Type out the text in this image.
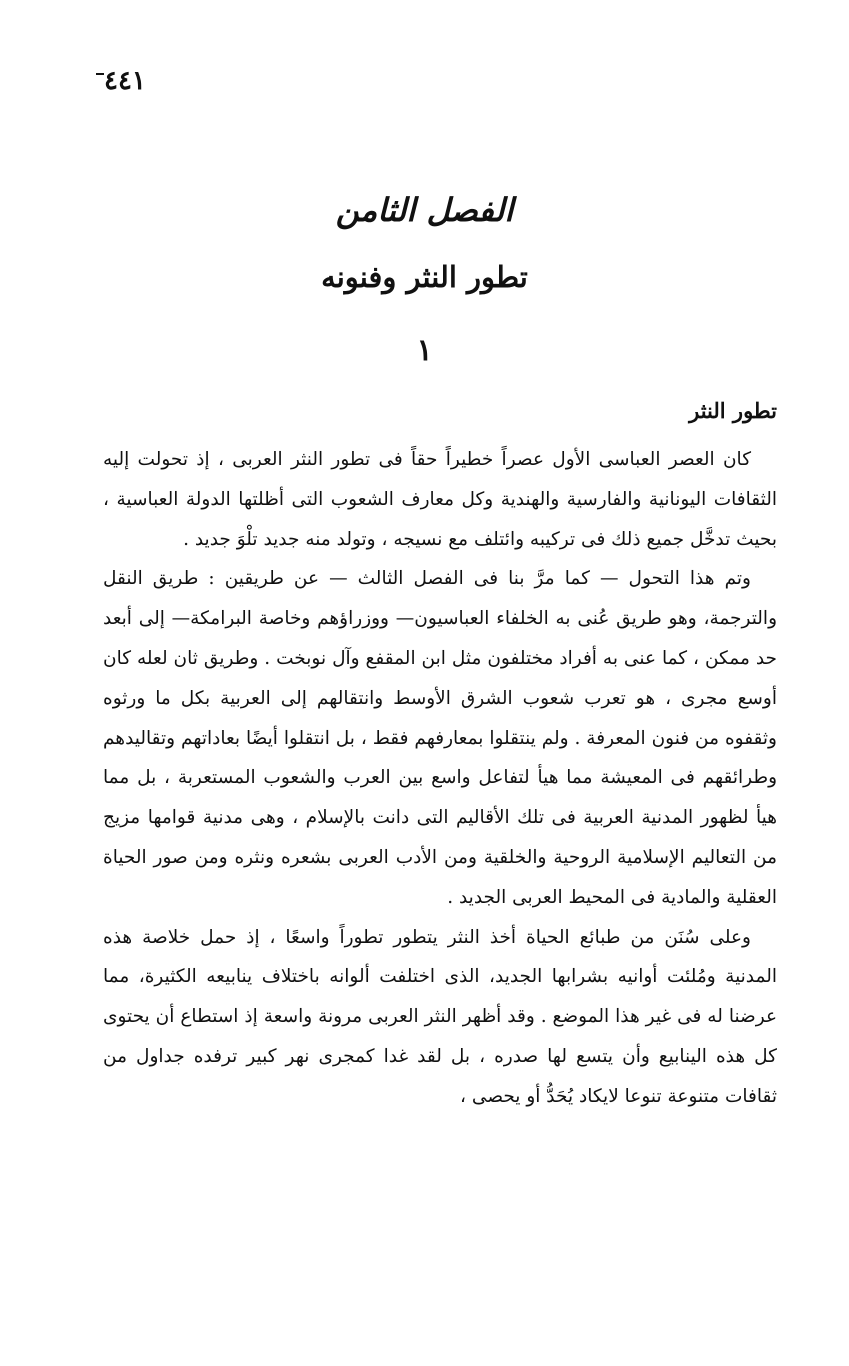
٤٤١
الفصل الثامن
تطور النثر وفنونه
١
تطور النثر

كان العصر العباسى الأول عصراً خطيراً حقاً فى تطور النثر العربى ، إذ تحولت إليه الثقافات اليونانية والفارسية والهندية وكل معارف الشعوب التى أظلتها الدولة العباسية ، بحيث تدخَّل جميع ذلك فى تركيبه وائتلف مع نسيجه ، وتولد منه جديد تلْوَ جديد .

وتم هذا التحول — كما مرَّ بنا فى الفصل الثالث — عن طريقين : طريق النقل والترجمة، وهو طريق عُنى به الخلفاء العباسيون— ووزراؤهم وخاصة البرامكة— إلى أبعد حد ممكن ، كما عنى به أفراد مختلفون مثل ابن المقفع وآل نوبخت . وطريق ثان لعله كان أوسع مجرى ، هو تعرب شعوب الشرق الأوسط وانتقالهم إلى العربية بكل ما ورثوه وثقفوه من فنون المعرفة . ولم ينتقلوا بمعارفهم فقط ، بل انتقلوا أيضًا بعاداتهم وتقاليدهم وطرائقهم فى المعيشة مما هيأ لتفاعل واسع بين العرب والشعوب المستعربة ، بل مما هيأ لظهور المدنية العربية فى تلك الأقاليم التى دانت بالإسلام ، وهى مدنية قوامها مزيج من التعاليم الإسلامية الروحية والخلقية ومن الأدب العربى بشعره ونثره ومن صور الحياة العقلية والمادية فى المحيط العربى الجديد .

وعلى سُنَن من طبائع الحياة أخذ النثر يتطور تطوراً واسعًا ، إذ حمل خلاصة هذه المدنية ومُلئت أوانيه بشرابها الجديد، الذى اختلفت ألوانه باختلاف ينابيعه الكثيرة، مما عرضنا له فى غير هذا الموضع . وقد أظهر النثر العربى مرونة واسعة إذ استطاع أن يحتوى كل هذه الينابيع وأن يتسع لها صدره ، بل لقد غدا كمجرى نهر كبير ترفده جداول من ثقافات متنوعة تنوعا لايكاد يُحَدُّ أو يحصى ،
